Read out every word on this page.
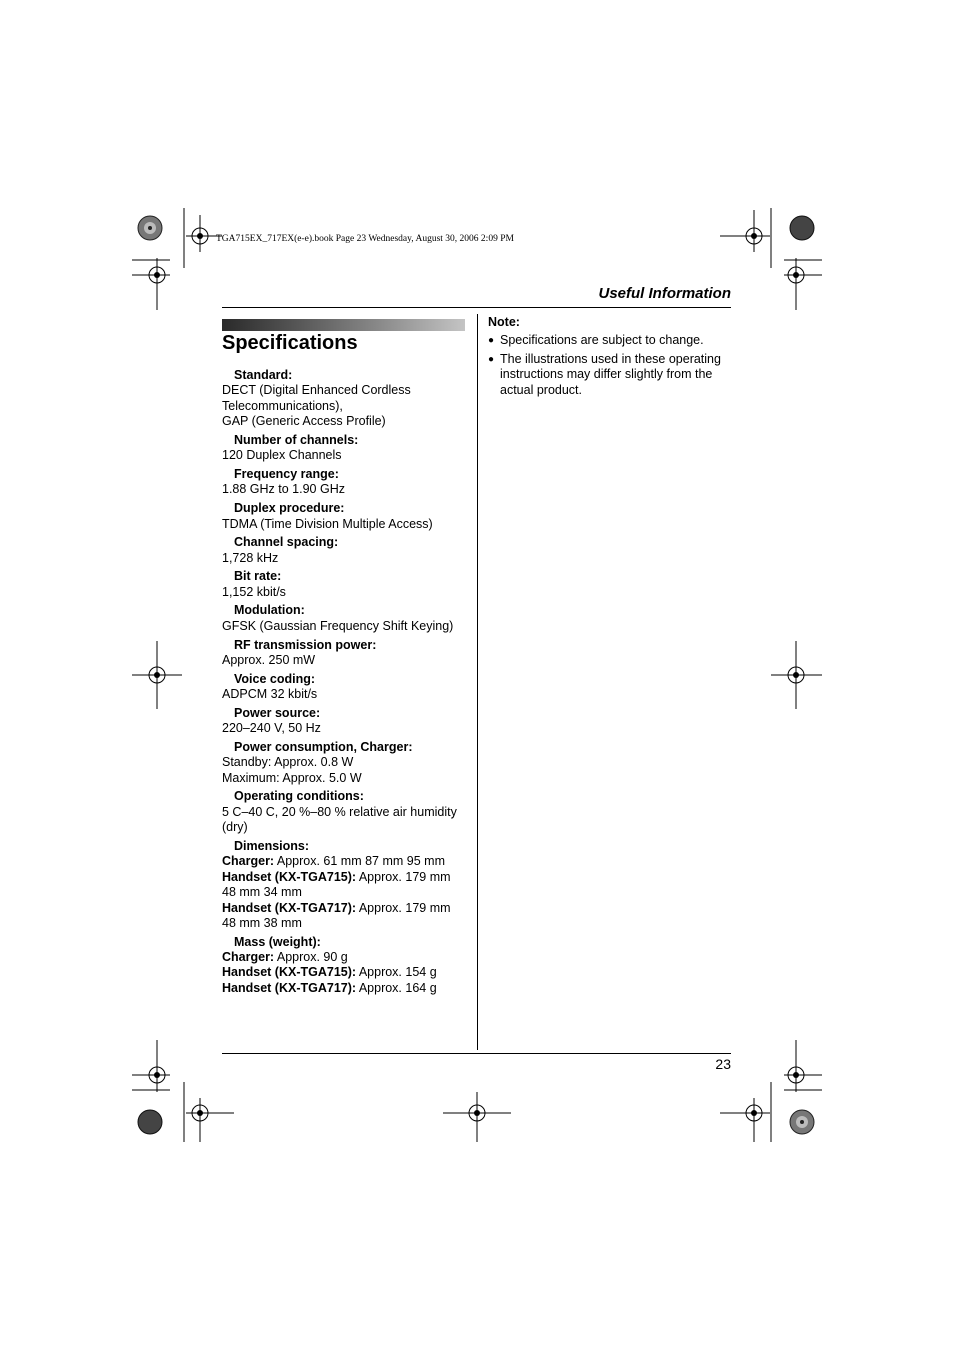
TGA715EX_717EX(e-e).book Page 23 Wednesday, August 30, 2006 2:09 PM
Useful Information
Specifications
Standard:
DECT (Digital Enhanced Cordless
Telecommunications),
GAP (Generic Access Profile)
Number of channels:
120 Duplex Channels
Frequency range:
1.88 GHz to 1.90 GHz
Duplex procedure:
TDMA (Time Division Multiple Access)
Channel spacing:
1,728 kHz
Bit rate:
1,152 kbit/s
Modulation:
GFSK (Gaussian Frequency Shift Keying)
RF transmission power:
Approx. 250 mW
Voice coding:
ADPCM 32 kbit/s
Power source:
220–240 V, 50 Hz
Power consumption, Charger:
Standby: Approx. 0.8 W
Maximum: Approx. 5.0 W
Operating conditions:
5 C–40 C, 20 %–80 % relative air humidity
(dry)
Dimensions:
Charger: Approx. 61 mm 87 mm 95 mm
Handset (KX-TGA715): Approx. 179 mm
48 mm 34 mm
Handset (KX-TGA717): Approx. 179 mm
48 mm 38 mm
Mass (weight):
Charger: Approx. 90 g
Handset (KX-TGA715): Approx. 154 g
Handset (KX-TGA717): Approx. 164 g
Note:
● Specifications are subject to change.
● The illustrations used in these operating instructions may differ slightly from the actual product.
23
